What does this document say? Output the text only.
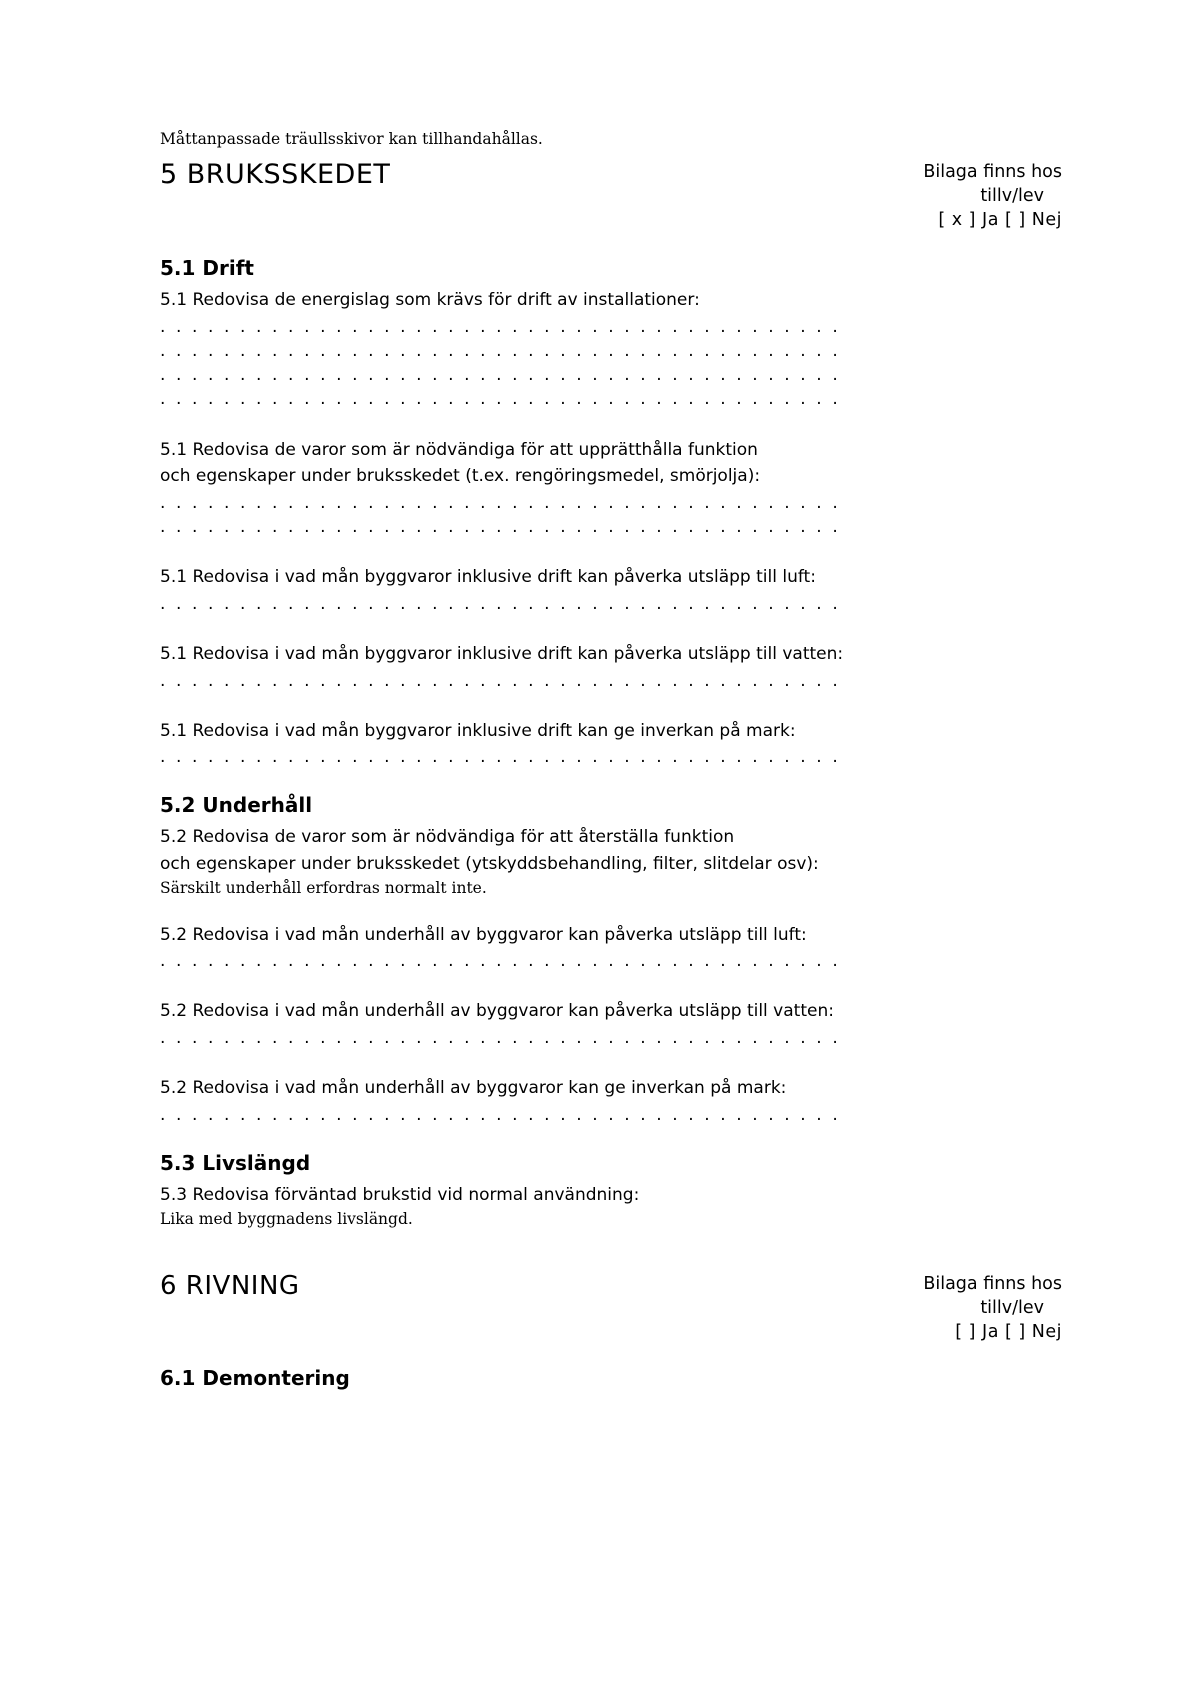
Måttanpassade träullsskivor kan tillhandahållas.

5 BRUKSSKEDET	Bilaga finns hos
tillv/lev
[ x ] Ja [ ] Nej
5.1 Drift

5.1 Redovisa de energislag som krävs för drift av installationer:

. . . . . . . . . . . . . . . . . . . . . . . . . . . . . . . . . . . . . . . . . . .

. . . . . . . . . . . . . . . . . . . . . . . . . . . . . . . . . . . . . . . . . . .

. . . . . . . . . . . . . . . . . . . . . . . . . . . . . . . . . . . . . . . . . . .

. . . . . . . . . . . . . . . . . . . . . . . . . . . . . . . . . . . . . . . . . . .

5.1 Redovisa de varor som är nödvändiga för att upprätthålla funktion

och egenskaper under bruksskedet (t.ex. rengöringsmedel, smörjolja):

. . . . . . . . . . . . . . . . . . . . . . . . . . . . . . . . . . . . . . . . . . .

. . . . . . . . . . . . . . . . . . . . . . . . . . . . . . . . . . . . . . . . . . .

5.1 Redovisa i vad mån byggvaror inklusive drift kan påverka utsläpp till luft:

. . . . . . . . . . . . . . . . . . . . . . . . . . . . . . . . . . . . . . . . . . .

5.1 Redovisa i vad mån byggvaror inklusive drift kan påverka utsläpp till vatten:

. . . . . . . . . . . . . . . . . . . . . . . . . . . . . . . . . . . . . . . . . . .

5.1 Redovisa i vad mån byggvaror inklusive drift kan ge inverkan på mark:

. . . . . . . . . . . . . . . . . . . . . . . . . . . . . . . . . . . . . . . . . . .

5.2 Underhåll

5.2 Redovisa de varor som är nödvändiga för att återställa funktion

och egenskaper under bruksskedet (ytskyddsbehandling, filter, slitdelar osv):

Särskilt underhåll erfordras normalt inte.

5.2 Redovisa i vad mån underhåll av byggvaror kan påverka utsläpp till luft:

. . . . . . . . . . . . . . . . . . . . . . . . . . . . . . . . . . . . . . . . . . .

5.2 Redovisa i vad mån underhåll av byggvaror kan påverka utsläpp till vatten:

. . . . . . . . . . . . . . . . . . . . . . . . . . . . . . . . . . . . . . . . . . .

5.2 Redovisa i vad mån underhåll av byggvaror kan ge inverkan på mark:

. . . . . . . . . . . . . . . . . . . . . . . . . . . . . . . . . . . . . . . . . . .

5.3 Livslängd

5.3 Redovisa förväntad brukstid vid normal användning:

Lika med byggnadens livslängd.

6 RIVNING	Bilaga finns hos
tillv/lev
[ ] Ja [ ] Nej
6.1 Demontering
